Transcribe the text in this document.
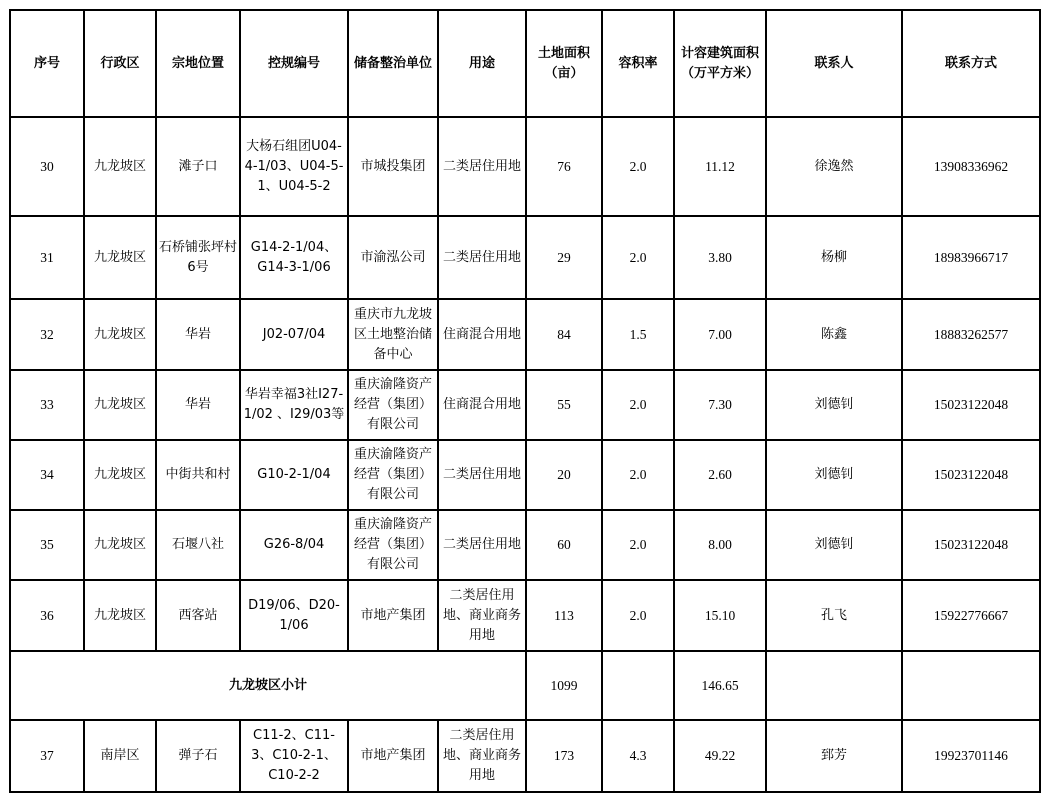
序号	行政区	宗地位置	控规编号	储备整治单位	用途	土地面积（亩）	容积率	计容建筑面积（万平方米）	联系人	联系方式
30	九龙坡区	滩子口	大杨石组团U04-4-1/03、U04-5-1、U04-5-2	市城投集团	二类居住用地	76	2.0	11.12	徐逸然	13908336962
31	九龙坡区	石桥铺张坪村6号	G14-2-1/04、G14-3-1/06	市渝泓公司	二类居住用地	29	2.0	3.80	杨柳	18983966717
32	九龙坡区	华岩	J02-07/04	重庆市九龙坡区土地整治储备中心	住商混合用地	84	1.5	7.00	陈鑫	18883262577
33	九龙坡区	华岩	华岩幸福3社I27-1/02 、I29/03等	重庆渝隆资产经营（集团）有限公司	住商混合用地	55	2.0	7.30	刘德钊	15023122048
34	九龙坡区	中街共和村	G10-2-1/04	重庆渝隆资产经营（集团）有限公司	二类居住用地	20	2.0	2.60	刘德钊	15023122048
35	九龙坡区	石堰八社	G26-8/04	重庆渝隆资产经营（集团）有限公司	二类居住用地	60	2.0	8.00	刘德钊	15023122048
36	九龙坡区	西客站	D19/06、D20-1/06	市地产集团	二类居住用地、商业商务用地	113	2.0	15.10	孔飞	15922776667
九龙坡区小计						1099		146.65		
37	南岸区	弹子石	C11-2、C11-3、C10-2-1、C10-2-2	市地产集团	二类居住用地、商业商务用地	173	4.3	49.22	郅芳	19923701146
